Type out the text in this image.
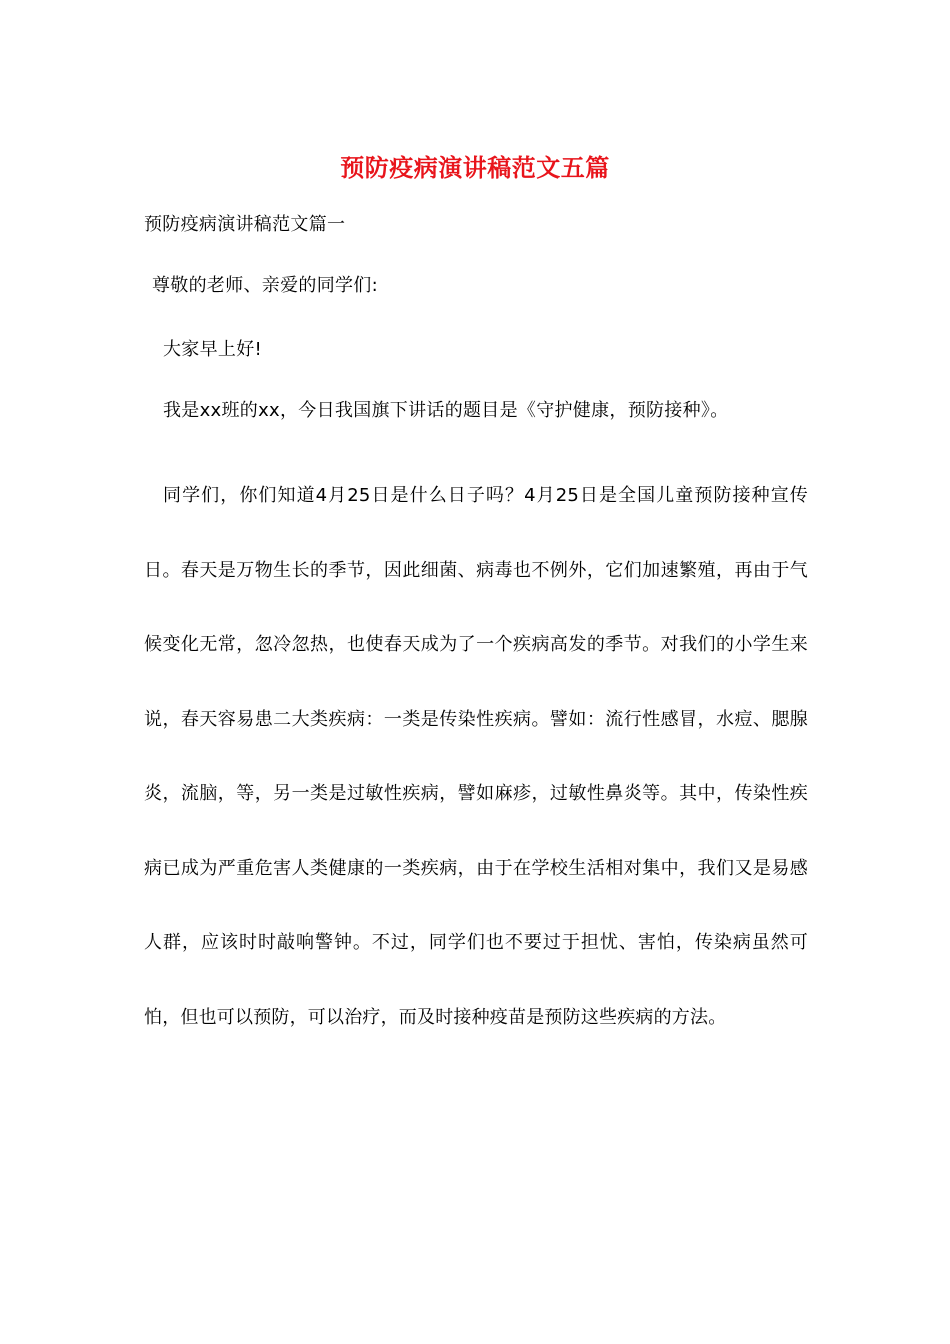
预防疫病演讲稿范文五篇
预防疫病演讲稿范文篇一
尊敬的老师、亲爱的同学们:
大家早上好!
我是xx班的xx，今日我国旗下讲话的题目是《守护健康，预防接种》。
同学们，你们知道4月25日是什么日子吗？4月25日是全国儿童预防接种宣传日。春天是万物生长的季节，因此细菌、病毒也不例外，它们加速繁殖，再由于气候变化无常，忽冷忽热，也使春天成为了一个疾病高发的季节。对我们的小学生来说，春天容易患二大类疾病：一类是传染性疾病。譬如：流行性感冒，水痘、腮腺炎，流脑，等，另一类是过敏性疾病，譬如麻疹，过敏性鼻炎等。其中，传染性疾病已成为严重危害人类健康的一类疾病，由于在学校生活相对集中，我们又是易感人群，应该时时敲响警钟。不过，同学们也不要过于担忧、害怕，传染病虽然可怕，但也可以预防，可以治疗，而及时接种疫苗是预防这些疾病的方法。
